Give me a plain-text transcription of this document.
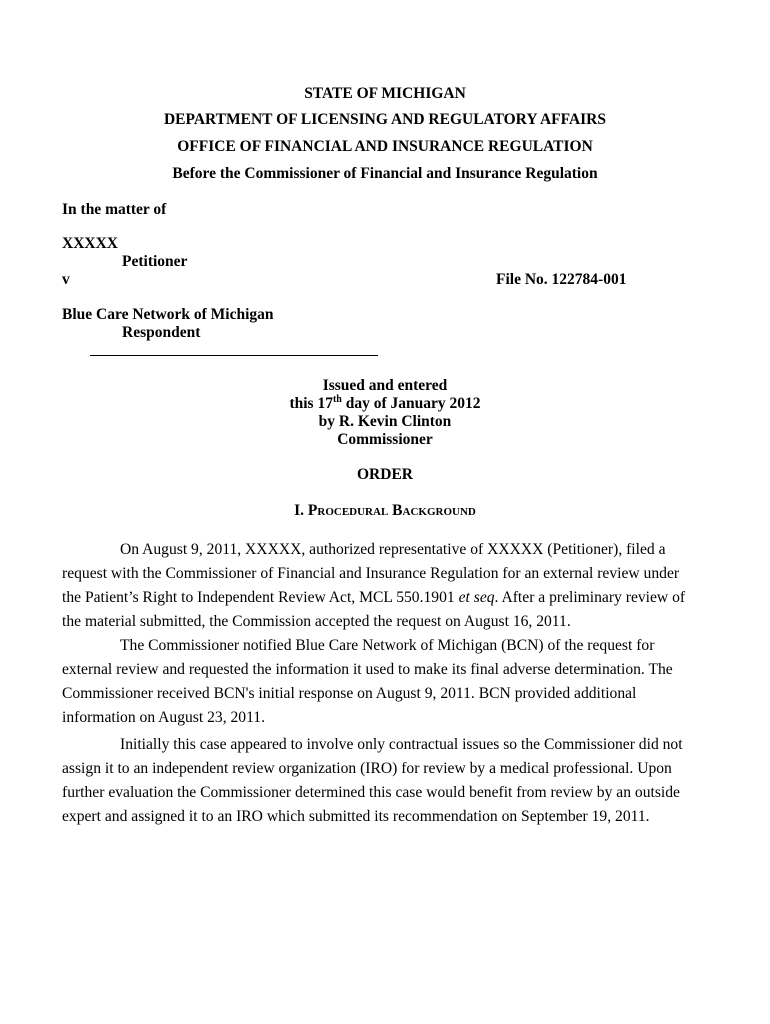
STATE OF MICHIGAN
DEPARTMENT OF LICENSING AND REGULATORY AFFAIRS
OFFICE OF FINANCIAL AND INSURANCE REGULATION
Before the Commissioner of Financial and Insurance Regulation
In the matter of
XXXXX
Petitioner
v	File No. 122784-001
Blue Care Network of Michigan
Respondent
Issued and entered
this 17th day of January 2012
by R. Kevin Clinton
Commissioner
ORDER
I. Procedural Background

On August 9, 2011, XXXXX, authorized representative of XXXXX (Petitioner), filed a request with the Commissioner of Financial and Insurance Regulation for an external review under the Patient’s Right to Independent Review Act, MCL 550.1901 et seq. After a preliminary review of the material submitted, the Commission accepted the request on August 16, 2011.

The Commissioner notified Blue Care Network of Michigan (BCN) of the request for external review and requested the information it used to make its final adverse determination. The Commissioner received BCN's initial response on August 9, 2011. BCN provided additional information on August 23, 2011.

Initially this case appeared to involve only contractual issues so the Commissioner did not assign it to an independent review organization (IRO) for review by a medical professional. Upon further evaluation the Commissioner determined this case would benefit from review by an outside expert and assigned it to an IRO which submitted its recommendation on September 19, 2011.
